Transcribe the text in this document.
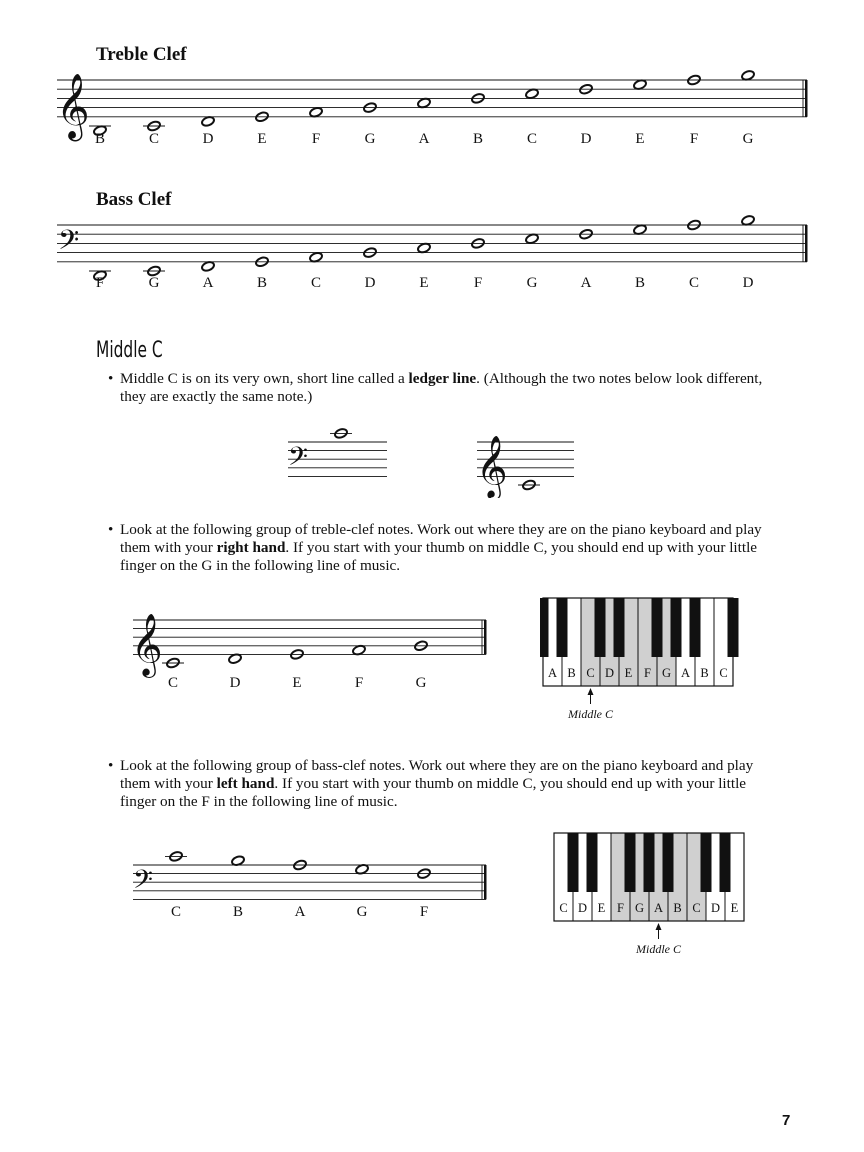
Treble Clef
𝄞
B	C	D	E	F	G	A	B	C	D	E	F	G
Bass Clef
𝄢
F	G	A	B	C	D	E	F	G	A	B	C	D
Middle C
• Middle C is on its very own, short line called a ledger line. (Although the two notes below look different, they are exactly the same note.)
𝄢	𝄞
• Look at the following group of treble-clef notes. Work out where they are on the piano keyboard and play them with your right hand. If you start with your thumb on middle C, you should end up with your little finger on the G in the following line of music.
𝄞
C	D	E	F	G
A B C D E F G A B C
Middle C
• Look at the following group of bass-clef notes. Work out where they are on the piano keyboard and play them with your left hand. If you start with your thumb on middle C, you should end up with your little finger on the F in the following line of music.
𝄢
C	B	A	G	F	C D E F G A B C D E
Middle C
7
